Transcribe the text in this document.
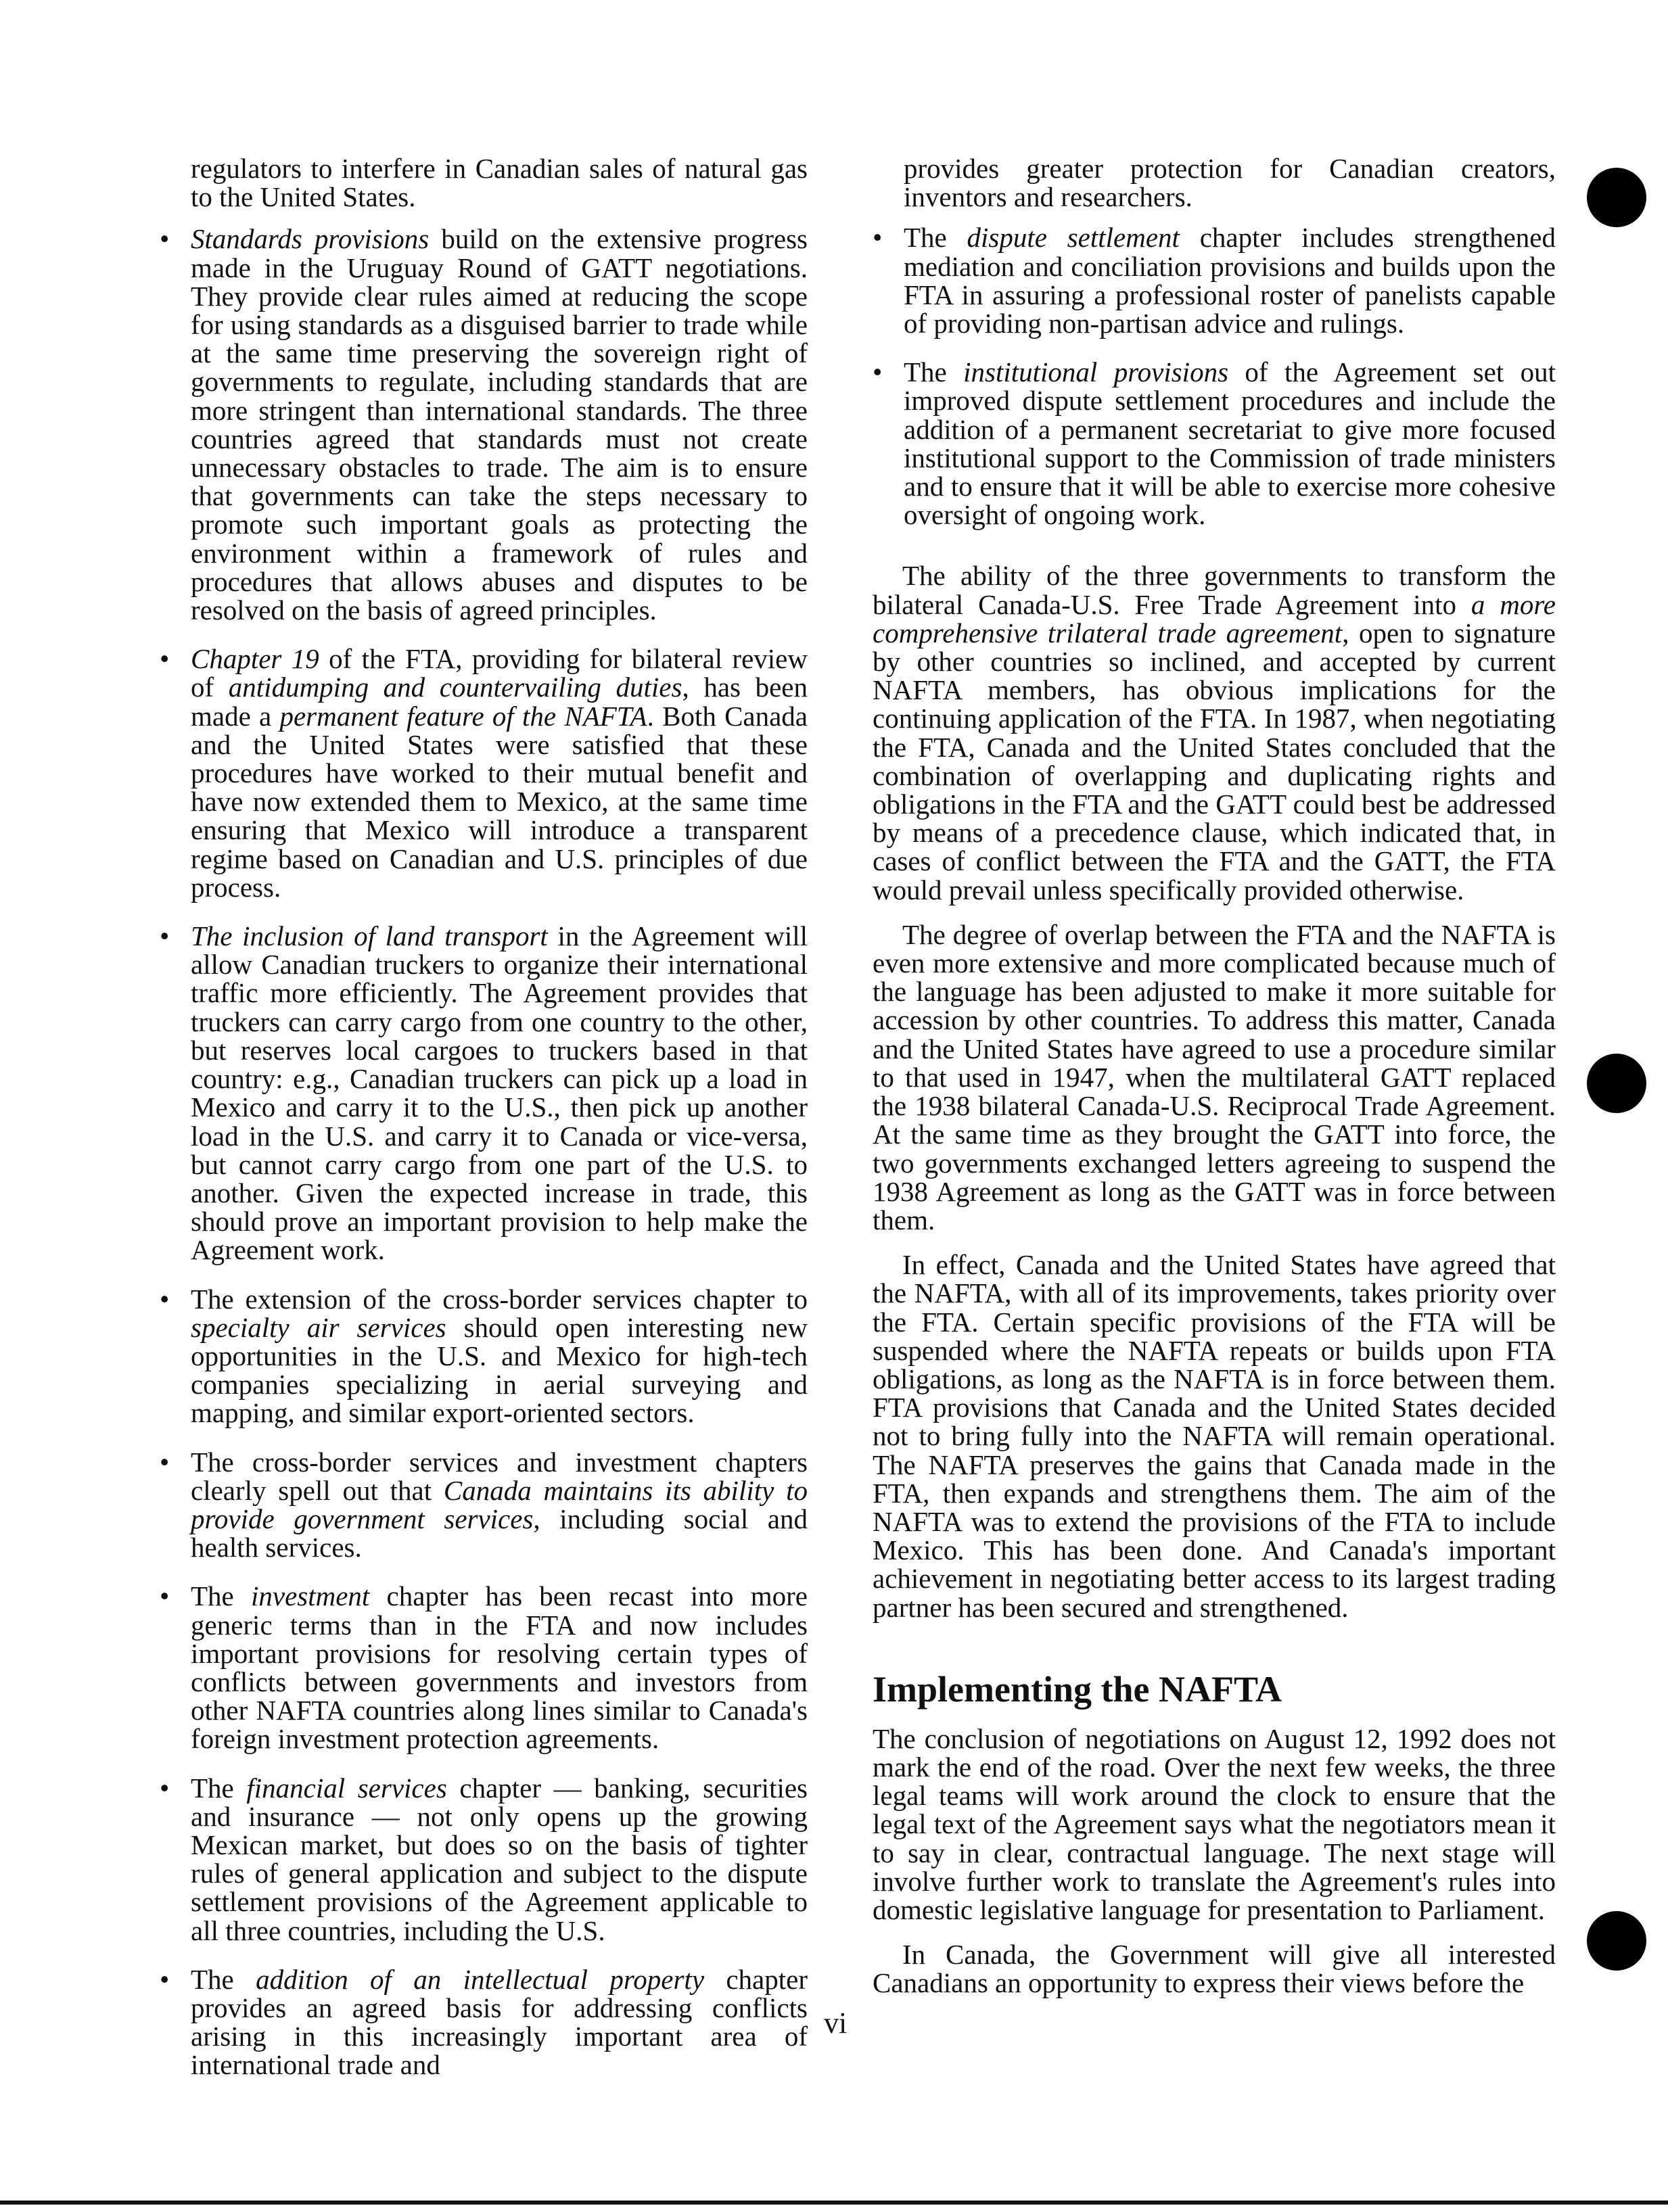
regulators to interfere in Canadian sales of natural gas to the United States.

• Standards provisions build on the extensive progress made in the Uruguay Round of GATT negotiations. They provide clear rules aimed at reducing the scope for using standards as a disguised barrier to trade while at the same time preserving the sovereign right of governments to regulate, including standards that are more stringent than international standards. The three countries agreed that standards must not create unnecessary obstacles to trade. The aim is to ensure that governments can take the steps necessary to promote such important goals as protecting the environment within a framework of rules and procedures that allows abuses and disputes to be resolved on the basis of agreed principles.

• Chapter 19 of the FTA, providing for bilateral review of antidumping and countervailing duties, has been made a permanent feature of the NAFTA. Both Canada and the United States were satisfied that these procedures have worked to their mutual benefit and have now extended them to Mexico, at the same time ensuring that Mexico will introduce a transparent regime based on Canadian and U.S. principles of due process.

• The inclusion of land transport in the Agreement will allow Canadian truckers to organize their international traffic more efficiently. The Agreement provides that truckers can carry cargo from one country to the other, but reserves local cargoes to truckers based in that country: e.g., Canadian truckers can pick up a load in Mexico and carry it to the U.S., then pick up another load in the U.S. and carry it to Canada or vice-versa, but cannot carry cargo from one part of the U.S. to another. Given the expected increase in trade, this should prove an important provision to help make the Agreement work.

• The extension of the cross-border services chapter to specialty air services should open interesting new opportunities in the U.S. and Mexico for high-tech companies specializing in aerial surveying and mapping, and similar export-oriented sectors.

• The cross-border services and investment chapters clearly spell out that Canada maintains its ability to provide government services, including social and health services.

• The investment chapter has been recast into more generic terms than in the FTA and now includes important provisions for resolving certain types of conflicts between governments and investors from other NAFTA countries along lines similar to Canada's foreign investment protection agreements.

• The financial services chapter — banking, securities and insurance — not only opens up the growing Mexican market, but does so on the basis of tighter rules of general application and subject to the dispute settlement provisions of the Agreement applicable to all three countries, including the U.S.

• The addition of an intellectual property chapter provides an agreed basis for addressing conflicts arising in this increasingly important area of international trade and

provides greater protection for Canadian creators, inventors and researchers.

• The dispute settlement chapter includes strengthened mediation and conciliation provisions and builds upon the FTA in assuring a professional roster of panelists capable of providing non-partisan advice and rulings.

• The institutional provisions of the Agreement set out improved dispute settlement procedures and include the addition of a permanent secretariat to give more focused institutional support to the Commission of trade ministers and to ensure that it will be able to exercise more cohesive oversight of ongoing work.

The ability of the three governments to transform the bilateral Canada-U.S. Free Trade Agreement into a more comprehensive trilateral trade agreement, open to signature by other countries so inclined, and accepted by current NAFTA members, has obvious implications for the continuing application of the FTA. In 1987, when negotiating the FTA, Canada and the United States concluded that the combination of overlapping and duplicating rights and obligations in the FTA and the GATT could best be addressed by means of a precedence clause, which indicated that, in cases of conflict between the FTA and the GATT, the FTA would prevail unless specifically provided otherwise.

The degree of overlap between the FTA and the NAFTA is even more extensive and more complicated because much of the language has been adjusted to make it more suitable for accession by other countries. To address this matter, Canada and the United States have agreed to use a procedure similar to that used in 1947, when the multilateral GATT replaced the 1938 bilateral Canada-U.S. Reciprocal Trade Agreement. At the same time as they brought the GATT into force, the two governments exchanged letters agreeing to suspend the 1938 Agreement as long as the GATT was in force between them.

In effect, Canada and the United States have agreed that the NAFTA, with all of its improvements, takes priority over the FTA. Certain specific provisions of the FTA will be suspended where the NAFTA repeats or builds upon FTA obligations, as long as the NAFTA is in force between them. FTA provisions that Canada and the United States decided not to bring fully into the NAFTA will remain operational. The NAFTA preserves the gains that Canada made in the FTA, then expands and strengthens them. The aim of the NAFTA was to extend the provisions of the FTA to include Mexico. This has been done. And Canada's important achievement in negotiating better access to its largest trading partner has been secured and strengthened.

Implementing the NAFTA

The conclusion of negotiations on August 12, 1992 does not mark the end of the road. Over the next few weeks, the three legal teams will work around the clock to ensure that the legal text of the Agreement says what the negotiators mean it to say in clear, contractual language. The next stage will involve further work to translate the Agreement's rules into domestic legislative language for presentation to Parliament.

In Canada, the Government will give all interested Canadians an opportunity to express their views before the

vi
